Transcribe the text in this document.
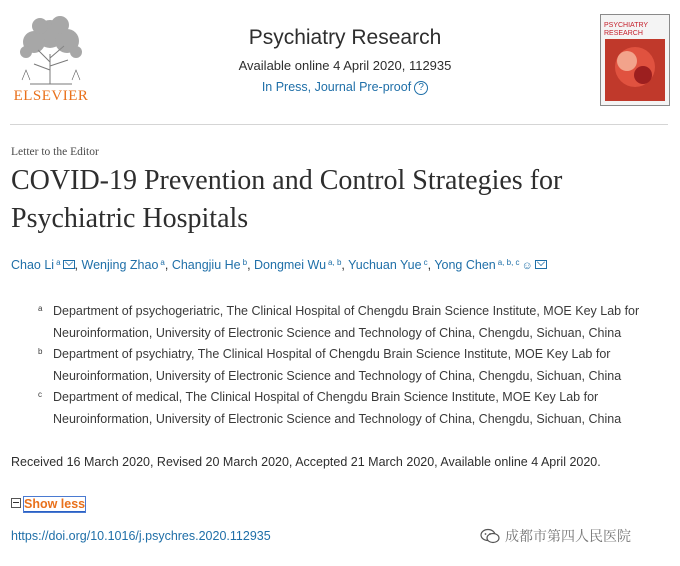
ELSEVIER
Psychiatry Research
Available online 4 April 2020, 112935
In Press, Journal Pre-proof ?
PSYCHIATRY RESEARCH
Letter to the Editor
COVID-19 Prevention and Control Strategies for Psychiatric Hospitals
Chao Li $^a$ , Wenjing Zhao $^a$, Changjiu He $^b$, Dongmei Wu $^{a, b}$, Yuchuan Yue $^c$, Yong Chen $^{a, b, c}$ ☺
a Department of psychogeriatric, The Clinical Hospital of Chengdu Brain Science Institute, MOE Key Lab for Neuroinformation, University of Electronic Science and Technology of China, Chengdu, Sichuan, China
b Department of psychiatry, The Clinical Hospital of Chengdu Brain Science Institute, MOE Key Lab for Neuroinformation, University of Electronic Science and Technology of China, Chengdu, Sichuan, China
c Department of medical, The Clinical Hospital of Chengdu Brain Science Institute, MOE Key Lab for Neuroinformation, University of Electronic Science and Technology of China, Chengdu, Sichuan, China
Received 16 March 2020, Revised 20 March 2020, Accepted 21 March 2020, Available online 4 April 2020.
Show less
https://doi.org/10.1016/j.psychres.2020.112935	成都市第四人民医院
